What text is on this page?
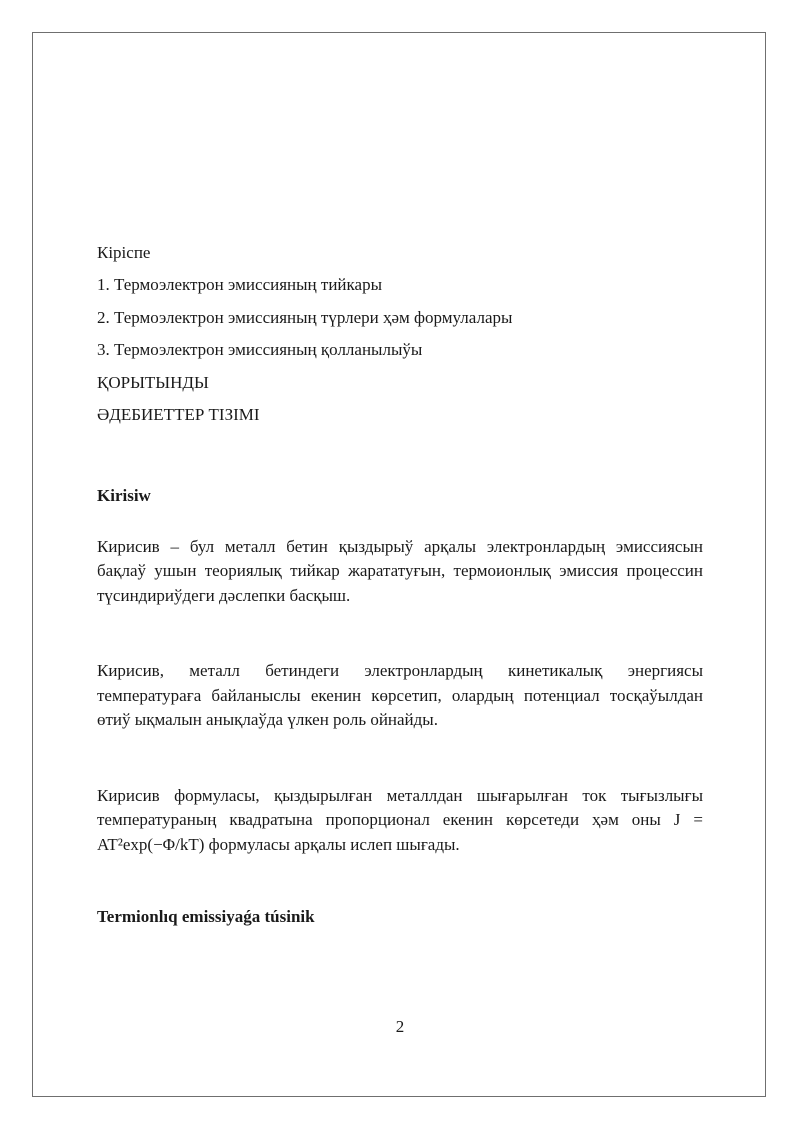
Кіріспе

1. Термоэлектрон эмиссияның тийкары

2. Термоэлектрон эмиссияның түрлери ҳәм формулалары

3. Термоэлектрон эмиссияның қолланылыўы

ҚОРЫТЫНДЫ

ӘДЕБИЕТТЕР ТІЗІМІ

Kirisiw

Кирисив – бул металл бетин қыздырыў арқалы электронлардың эмиссиясын бақлаў ушын теориялық тийкар жарататуғын, термоионлық эмиссия процессин түсиндириўдеги дәслепки басқыш.

Кирисив, металл бетиндеги электронлардың кинетикалық энергиясы температураға байланыслы екенин көрсетип, олардың потенциал тосқаўылдан өтиў ықмалын анықлаўда үлкен роль ойнайды.

Кирисив формуласы, қыздырылған металлдан шығарылған ток тығызлығы температураның квадратына пропорционал екенин көрсетеди ҳәм оны J = AT²exp(−Φ/kT) формуласы арқалы ислеп шығады.

Termionlıq emissiyaǵa túsinik
2
